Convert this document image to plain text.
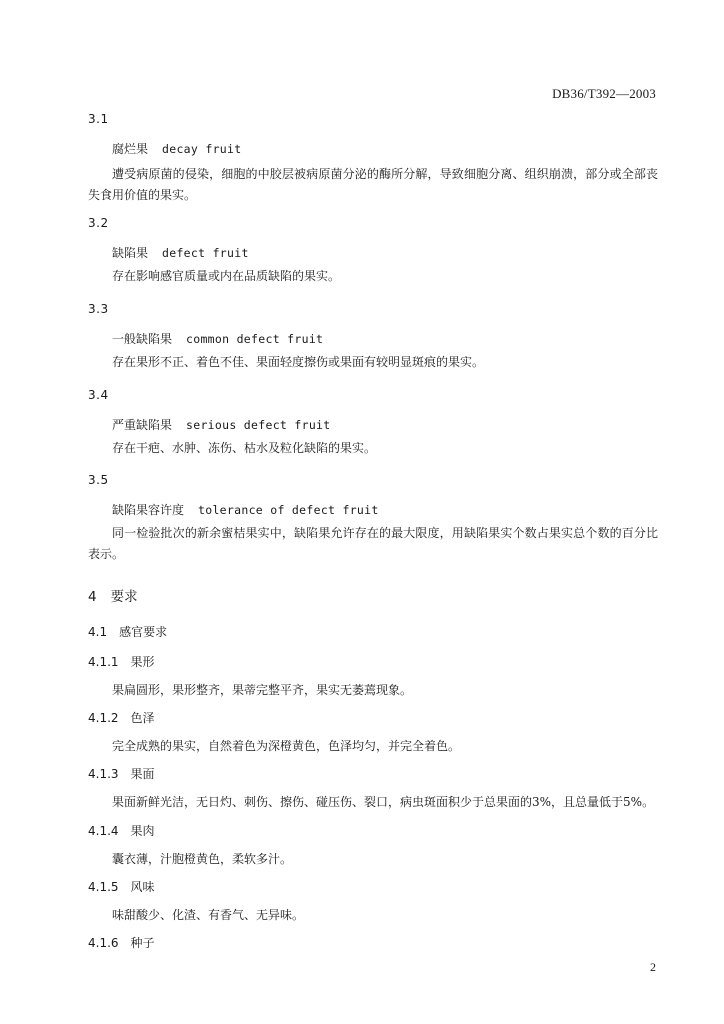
DB36/T392—2003
3.1
腐烂果 decay fruit
遭受病原菌的侵染，细胞的中胶层被病原菌分泌的酶所分解，导致细胞分离、组织崩溃，部分或全部丧失食用价值的果实。
3.2
缺陷果 defect fruit
存在影响感官质量或内在品质缺陷的果实。
3.3
一般缺陷果 common defect fruit
存在果形不正、着色不佳、果面轻度擦伤或果面有较明显斑痕的果实。
3.4
严重缺陷果 serious defect fruit
存在干疤、水肿、冻伤、枯水及粒化缺陷的果实。
3.5
缺陷果容许度 tolerance of defect fruit
同一检验批次的新余蜜桔果实中，缺陷果允许存在的最大限度，用缺陷果实个数占果实总个数的百分比表示。
4 要求
4.1 感官要求
4.1.1 果形
果扁圆形，果形整齐，果蒂完整平齐，果实无萎蔫现象。
4.1.2 色泽
完全成熟的果实，自然着色为深橙黄色，色泽均匀，并完全着色。
4.1.3 果面
果面新鲜光洁，无日灼、刺伤、擦伤、碰压伤、裂口，病虫斑面积少于总果面的3%，且总量低于5%。
4.1.4 果肉
囊衣薄，汁胞橙黄色，柔软多汁。
4.1.5 风味
味甜酸少、化渣、有香气、无异味。
4.1.6 种子
2
